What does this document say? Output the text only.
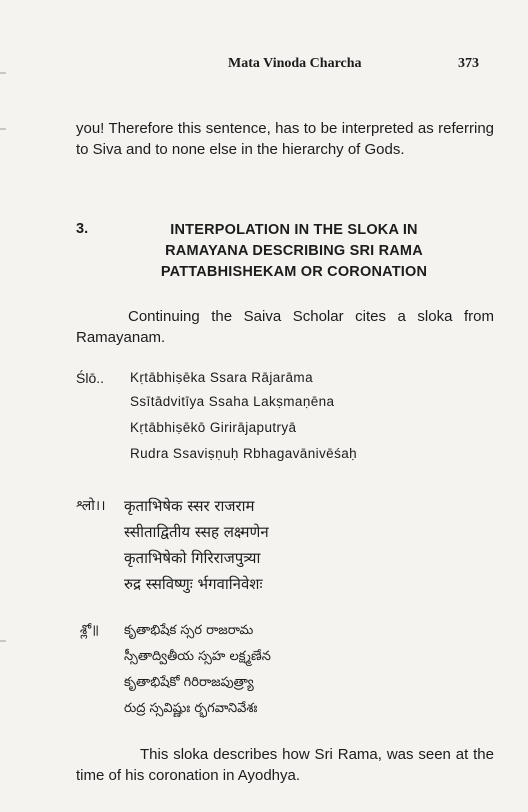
Mata Vinoda Charcha	373

you! Therefore this sentence, has to be interpreted as referring to Siva and to none else in the hierarchy of Gods.

3.	INTERPOLATION IN THE SLOKA IN
RAMAYANA DESCRIBING SRI RAMA
PATTABHISHEKAM OR CORONATION

Continuing the Saiva Scholar cites a sloka from Ramayanam.

Ślō.. Kṛtābhiṣēka Ssara Rājarāma
Ssītādvitīya Ssaha Lakṣmaṇēna
Kṛtābhiṣēkō Girirājaputryā
Rudra Ssaviṣṇuḥ Rbhagavānivēśaḥ
श्लो।। कृताभिषेक स्सर राजराम
स्सीताद्वितीय स्सह लक्ष्मणेन
कृताभिषेको गिरिराजपुत्र्या
रुद्र स्सविष्णुः र्भगवानिवेशः
శ్లో॥ కృతాభిషేక స్సర రాజరామ
స్సీతాద్వితీయ స్సహ లక్ష్మణేన
కృతాభిషేకో గిరిరాజపుత్ర్యా
రుద్ర స్సవిష్ణుః ర్భగవానివేశః

This sloka describes how Sri Rama, was seen at the time of his coronation in Ayodhya.
